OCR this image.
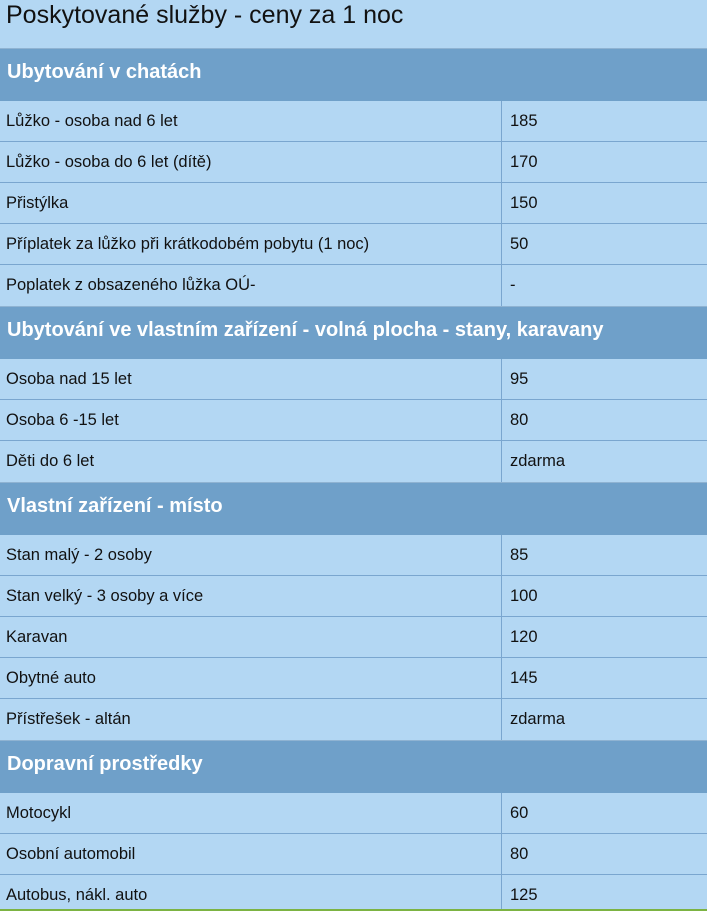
Poskytované služby - ceny za 1 noc
Ubytování v chatách
Lůžko - osoba nad 6 let	185
Lůžko - osoba do 6 let (dítě)	170
Přistýlka	150
Příplatek za lůžko při krátkodobém pobytu (1 noc)	50
Poplatek z obsazeného lůžka OÚ-	-
Ubytování ve vlastním zařízení - volná plocha - stany, karavany
Osoba nad 15 let	95
Osoba 6 -15 let	80
Děti do 6 let	zdarma
Vlastní zařízení - místo
Stan malý - 2 osoby	85
Stan velký - 3 osoby a více	100
Karavan	120
Obytné auto	145
Přístřešek - altán	zdarma
Dopravní prostředky
Motocykl	60
Osobní automobil	80
Autobus, nákl. auto	125
